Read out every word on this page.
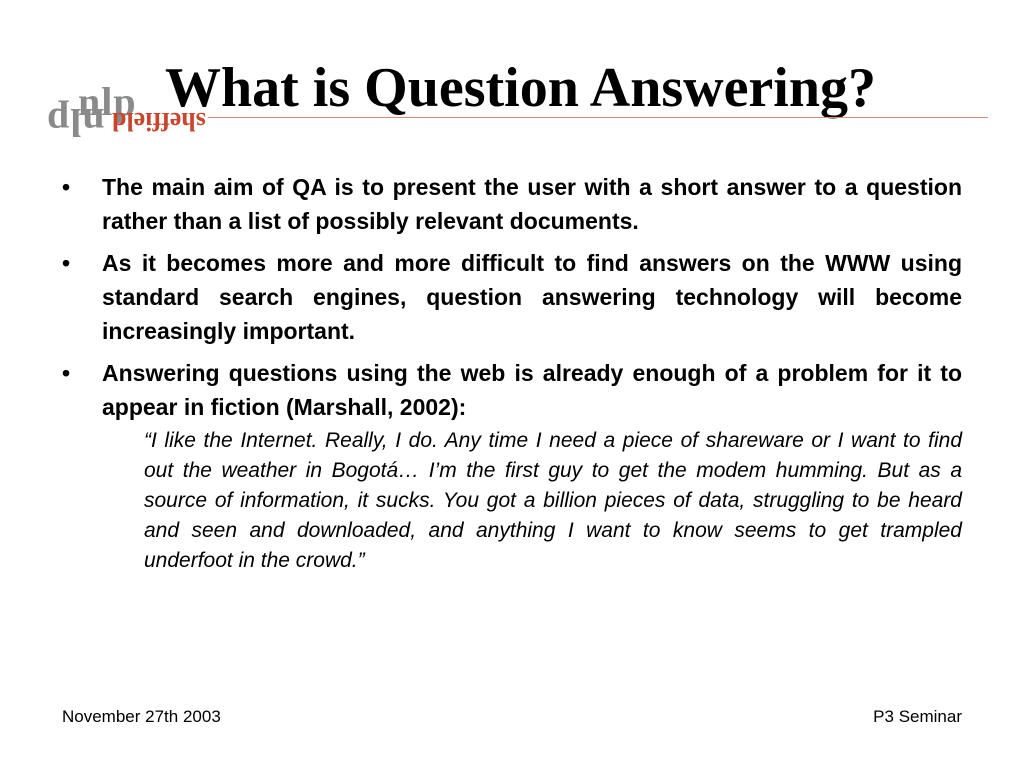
nlp
nlp sheffield
What is Question Answering?
• The main aim of QA is to present the user with a short answer to a question rather than a list of possibly relevant documents.
• As it becomes more and more difficult to find answers on the WWW using standard search engines, question answering technology will become increasingly important.
• Answering questions using the web is already enough of a problem for it to appear in fiction (Marshall, 2002):
“I like the Internet. Really, I do. Any time I need a piece of shareware or I want to find out the weather in Bogotá… I’m the first guy to get the modem humming. But as a source of information, it sucks. You got a billion pieces of data, struggling to be heard and seen and downloaded, and anything I want to know seems to get trampled underfoot in the crowd.”
November 27th 2003	P3 Seminar
